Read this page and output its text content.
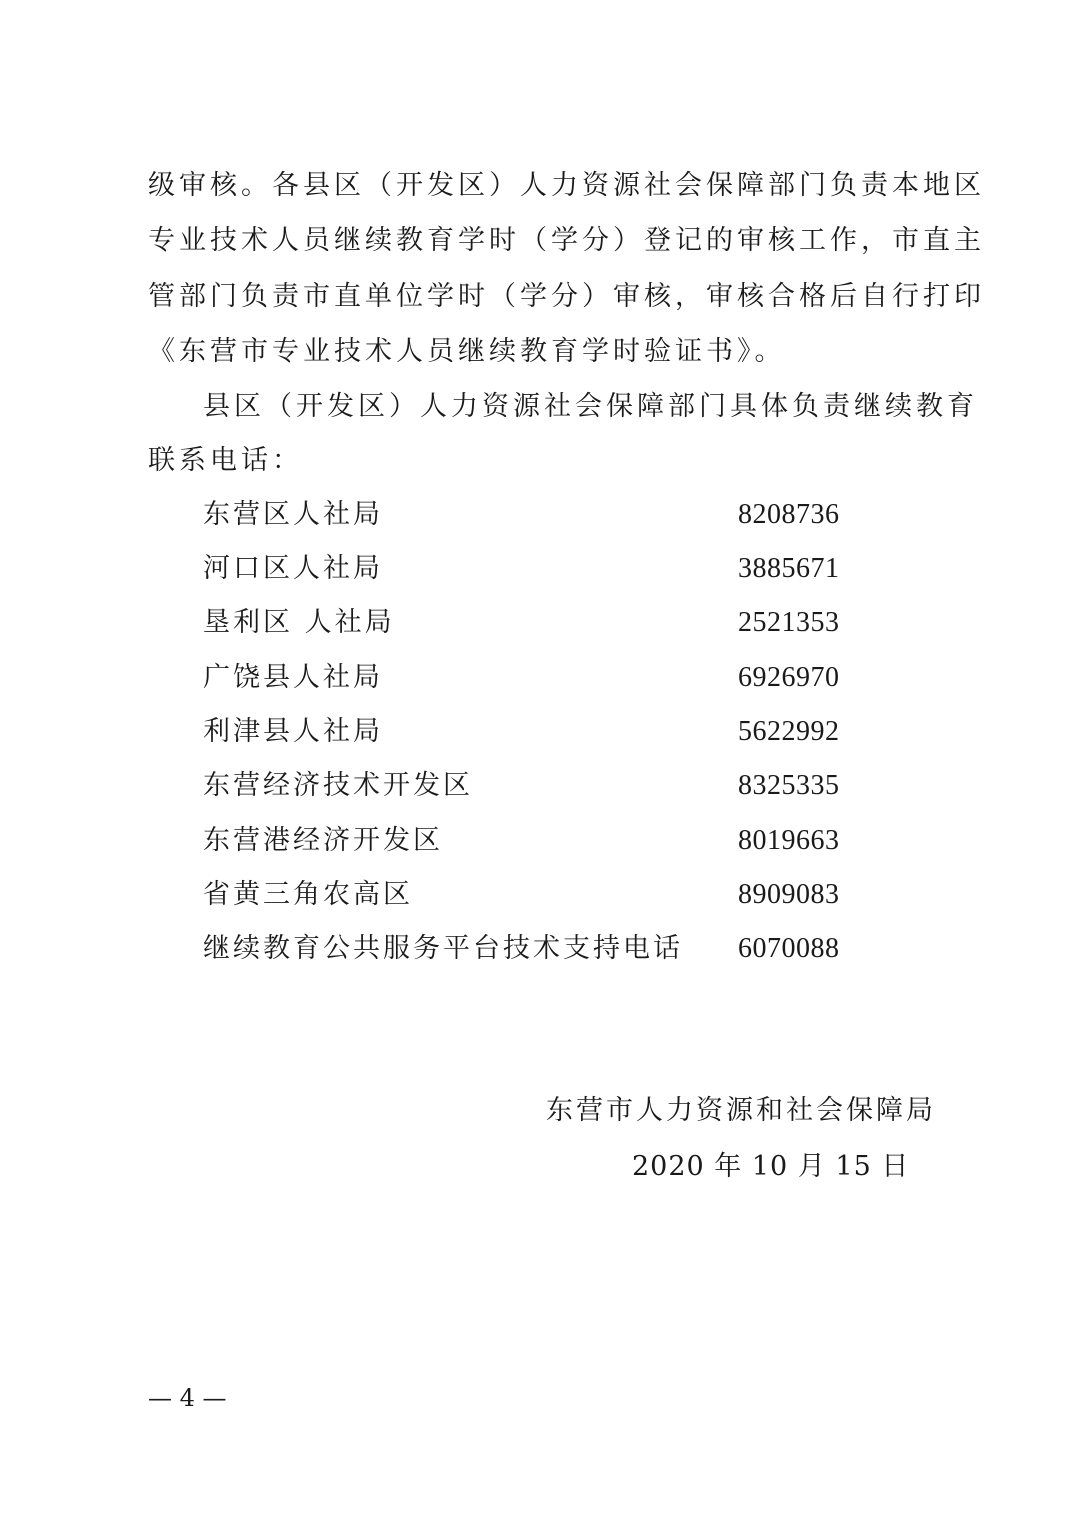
级审核。各县区（开发区）人力资源社会保障部门负责本地区
专业技术人员继续教育学时（学分）登记的审核工作，市直主
管部门负责市直单位学时（学分）审核，审核合格后自行打印
《东营市专业技术人员继续教育学时验证书》。
县区（开发区）人力资源社会保障部门具体负责继续教育
联系电话：
东营区人社局	8208736
河口区人社局	3885671
垦利区 人社局	2521353
广饶县人社局	6926970
利津县人社局	5622992
东营经济技术开发区	8325335
东营港经济开发区	8019663
省黄三角农高区	8909083
继续教育公共服务平台技术支持电话 6070088
东营市人力资源和社会保障局
2020 年 10 月 15 日
— 4 —
